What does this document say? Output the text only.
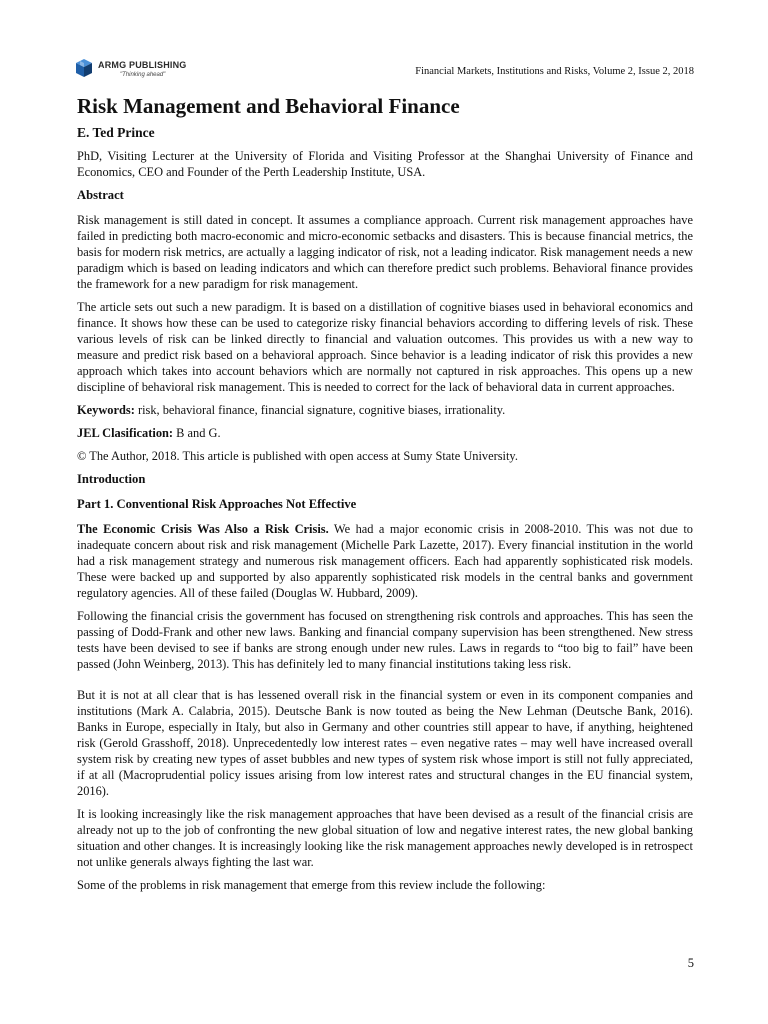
ARMG PUBLISHING
"Thinking ahead"	Financial Markets, Institutions and Risks, Volume 2, Issue 2, 2018
Risk Management and Behavioral Finance
E. Ted Prince

PhD, Visiting Lecturer at the University of Florida and Visiting Professor at the Shanghai University of Finance and Economics, CEO and Founder of the Perth Leadership Institute, USA.

Abstract

Risk management is still dated in concept. It assumes a compliance approach. Current risk management approaches have failed in predicting both macro-economic and micro-economic setbacks and disasters. This is because financial metrics, the basis for modern risk metrics, are actually a lagging indicator of risk, not a leading indicator. Risk management needs a new paradigm which is based on leading indicators and which can therefore predict such problems. Behavioral finance provides the framework for a new paradigm for risk management.

The article sets out such a new paradigm. It is based on a distillation of cognitive biases used in behavioral economics and finance. It shows how these can be used to categorize risky financial behaviors according to differing levels of risk. These various levels of risk can be linked directly to financial and valuation outcomes. This provides us with a new way to measure and predict risk based on a behavioral approach. Since behavior is a leading indicator of risk this provides a new approach which takes into account behaviors which are normally not captured in risk approaches. This opens up a new discipline of behavioral risk management. This is needed to correct for the lack of behavioral data in current approaches.

Keywords: risk, behavioral finance, financial signature, cognitive biases, irrationality.

JEL Clasification: B and G.

© The Author, 2018. This article is published with open access at Sumy State University.

Introduction
Part 1. Conventional Risk Approaches Not Effective

The Economic Crisis Was Also a Risk Crisis. We had a major economic crisis in 2008-2010. This was not due to inadequate concern about risk and risk management (Michelle Park Lazette, 2017). Every financial institution in the world had a risk management strategy and numerous risk management officers. Each had apparently sophisticated risk models. These were backed up and supported by also apparently sophisticated risk models in the central banks and government regulatory agencies. All of these failed (Douglas W. Hubbard, 2009).

Following the financial crisis the government has focused on strengthening risk controls and approaches. This has seen the passing of Dodd-Frank and other new laws. Banking and financial company supervision has been strengthened. New stress tests have been devised to see if banks are strong enough under new rules. Laws in regards to “too big to fail” have been passed (John Weinberg, 2013). This has definitely led to many financial institutions taking less risk.

But it is not at all clear that is has lessened overall risk in the financial system or even in its component companies and institutions (Mark A. Calabria, 2015). Deutsche Bank is now touted as being the New Lehman (Deutsche Bank, 2016). Banks in Europe, especially in Italy, but also in Germany and other countries still appear to have, if anything, heightened risk (Gerold Grasshoff, 2018). Unprecedentedly low interest rates – even negative rates – may well have increased overall system risk by creating new types of asset bubbles and new types of system risk whose import is still not fully appreciated, if at all (Macroprudential policy issues arising from low interest rates and structural changes in the EU financial system, 2016).

It is looking increasingly like the risk management approaches that have been devised as a result of the financial crisis are already not up to the job of confronting the new global situation of low and negative interest rates, the new global banking situation and other changes. It is increasingly looking like the risk management approaches newly developed is in retrospect not unlike generals always fighting the last war.

Some of the problems in risk management that emerge from this review include the following:

5
